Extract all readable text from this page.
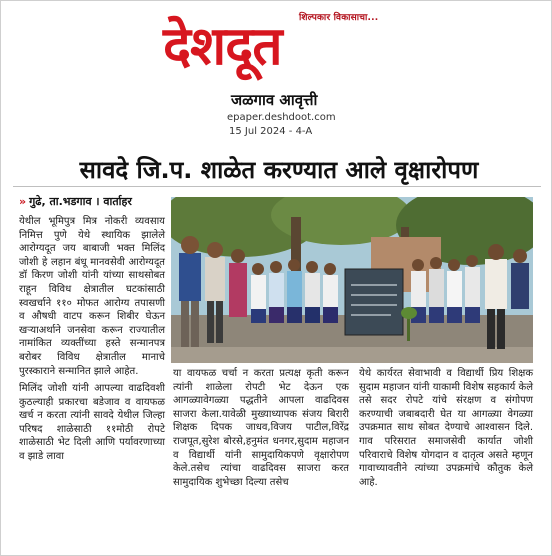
शिल्पकार विकासाचा...
देशदूत
जळगाव आवृत्ती
epaper.deshdoot.com
15 Jul 2024 - 4-A
सावदे जि.प. शाळेत करण्यात आले वृक्षारोपण
» गुढे, ता.भडगाव । वार्ताहर

येथील भूमिपुत्र मित्र नोकरी व्यवसाय निमित्त पुणे येथे स्थायिक झालेले आरोग्यदूत जय बाबाजी भक्त मिलिंद जोशी हे लहान बंधू मानवसेवी आरोग्यदूत डॉ किरण जोशी यांनी यांच्या साथसोबत राहून विविध क्षेत्रातील घटकांसाठी स्वखर्चाने ११० मोफत आरोग्य तपासणी व औषधी वाटप करून शिबीर घेऊन खऱ्याअर्थाने जनसेवा करून राज्यातील नामांकित व्यक्तींच्या हस्ते सन्मानपत्र बरोबर विविध क्षेत्रातील मानाचे पुरस्काराने सन्मानित झाले आहेत.

मिलिंद जोशी यांनी आपल्या वाढदिवशी कुठल्याही प्रकारचा बडेजाव व वायफळ खर्च न करता त्यांनी सावदे येथील जिल्हा परिषद शाळेसाठी ११मोठी रोपटे शाळेसाठी भेट दिली आणि पर्यावरणाच्या व झाडे लावा

या वायफळ चर्चा न करता प्रत्यक्ष कृती करून त्यांनी शाळेला रोपटी भेट देऊन एक आगळ्यावेगळ्या पद्धतीने आपला वाढदिवस साजरा केला.यावेळी मुख्याध्यापक संजय बिरारी शिक्षक दिपक जाधव,विजय पाटील,विरेंद्र राजपूत,सुरेश बोरसे,हनुमंत धनगर,सुदाम महाजन व विद्यार्थी यांनी सामुदायिकपणे वृक्षारोपण केले.तसेच त्यांचा वाढदिवस साजरा करत सामुदायिक शुभेच्छा दिल्या तसेच

येथे कार्यरत सेवाभावी व विद्यार्थी प्रिय शिक्षक सुदाम महाजन यांनी याकामी विशेष सहकार्य केले तसे सदर रोपटे यांचे संरक्षण व संगोपण करण्याची जबाबदारी घेत या आगळ्या वेगळ्या उपक्रमात साथ सोबत देण्याचे आश्वासन दिले. गाव परिसरात समाजसेवी कार्यात जोशी परिवाराचे विशेष योगदान व दातृत्व असते म्हणून गावाच्यावतीने त्यांच्या उपक्रमांचे कौतुक केले आहे.
